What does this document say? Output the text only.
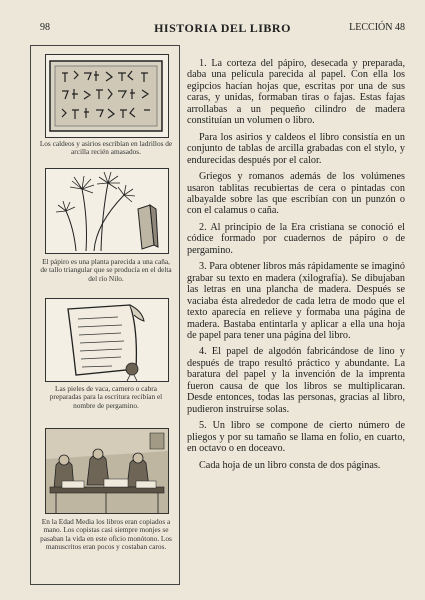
98	HISTORIA DEL LIBRO	LECCIÓN 48
Los caldeos y asirios escribían en ladrillos de arcilla recién amasados.
El pápiro es una planta parecida a una caña, de tallo triangular que se producía en el delta del río Nilo.
Las pieles de vaca, carnero o cabra preparadas para la escritura recibían el nombre de pergamino.
En la Edad Media los libros eran copiados a mano. Los copistas casi siempre monjes se pasaban la vida en este oficio monótono. Los manuscritos eran pocos y costaban caros.

1. La corteza del pápiro, desecada y preparada, daba una película parecida al papel. Con ella los egipcios hacían hojas que, escritas por una de sus caras, y unidas, formaban tiras o fajas. Estas fajas arrollabas a un pequeño cilindro de madera constituían un volumen o libro.

Para los asirios y caldeos el libro consistía en un conjunto de tablas de arcilla grabadas con el stylo, y endurecidas después por el calor.

Griegos y romanos además de los volúmenes usaron tablitas recubiertas de cera o pintadas con albayalde sobre las que escribían con un punzón o con el calamus o caña.

2. Al principio de la Era cristiana se conoció el códice formado por cuadernos de pápiro o de pergamino.

3. Para obtener libros más rápidamente se imaginó grabar su texto en madera (xilografía). Se dibujaban las letras en una plancha de madera. Después se vaciaba ésta alrededor de cada letra de modo que el texto aparecía en relieve y formaba una página de madera. Bastaba entintarla y aplicar a ella una hoja de papel para tener una página del libro.

4. El papel de algodón fabricándose de lino y después de trapo resultó práctico y abundante. La baratura del papel y la invención de la imprenta fueron causa de que los libros se multiplicaran. Desde entonces, todas las personas, gracias al libro, pudieron instruirse solas.

5. Un libro se compone de cierto número de pliegos y por su tamaño se llama en folio, en cuarto, en octavo o en doceavo.

Cada hoja de un libro consta de dos páginas.
